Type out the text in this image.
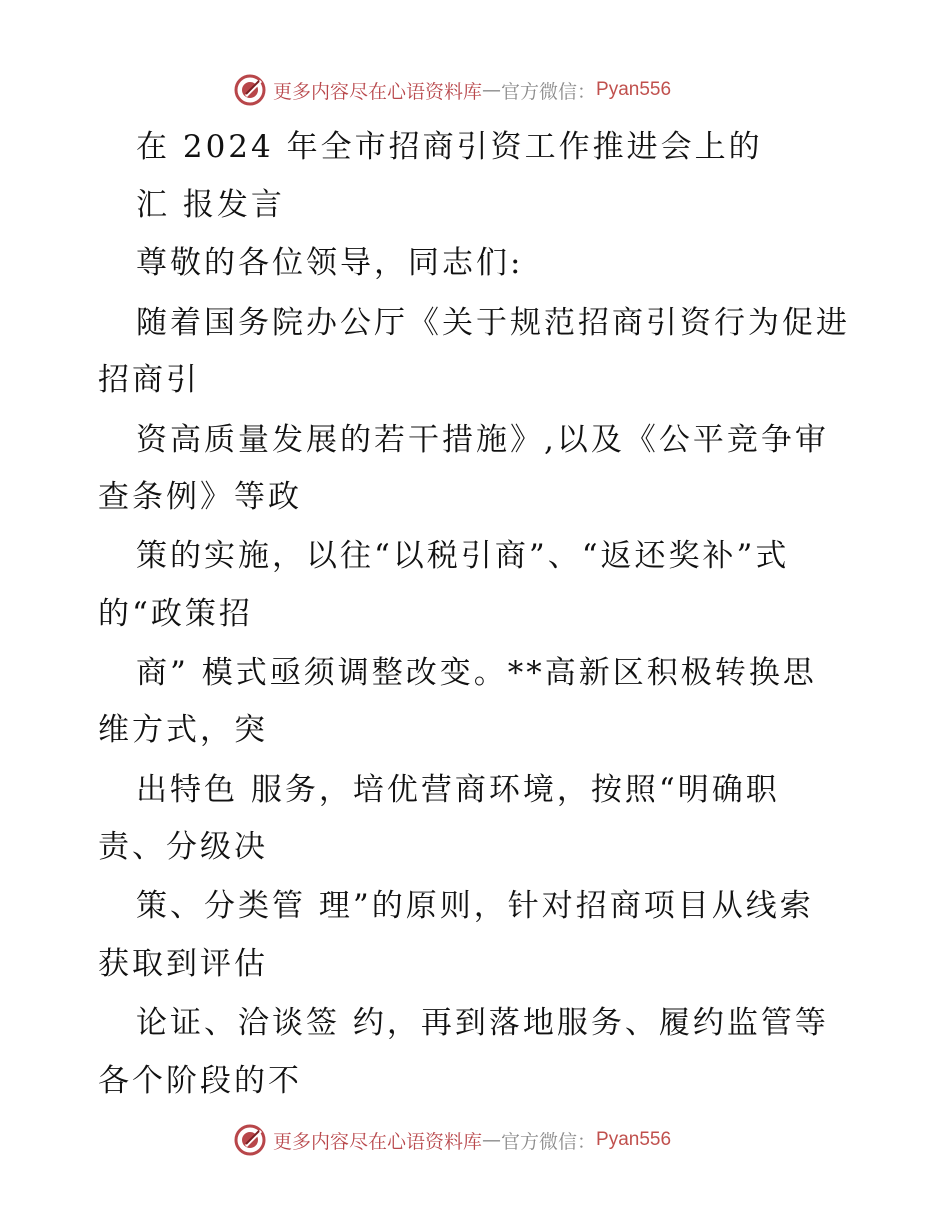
更多内容尽在心语资料库 — 官方微信： Pyan556
在 2024 年全市招商引资工作推进会上的
汇 报发言
尊敬的各位领导，同志们:
随着国务院办公厅《关于规范招商引资行为促进
招商引
资高质量发展的若干措施》,以及《公平竞争审
查条例》等政
策的实施，以往“以税引商”、“返还奖补”式
的“政策招
商” 模式亟须调整改变。**高新区积极转换思
维方式，突
出特色 服务，培优营商环境，按照“明确职
责、分级决
策、分类管 理”的原则，针对招商项目从线索
获取到评估
论证、洽谈签 约，再到落地服务、履约监管等
各个阶段的不
更多内容尽在心语资料库 — 官方微信： Pyan556
